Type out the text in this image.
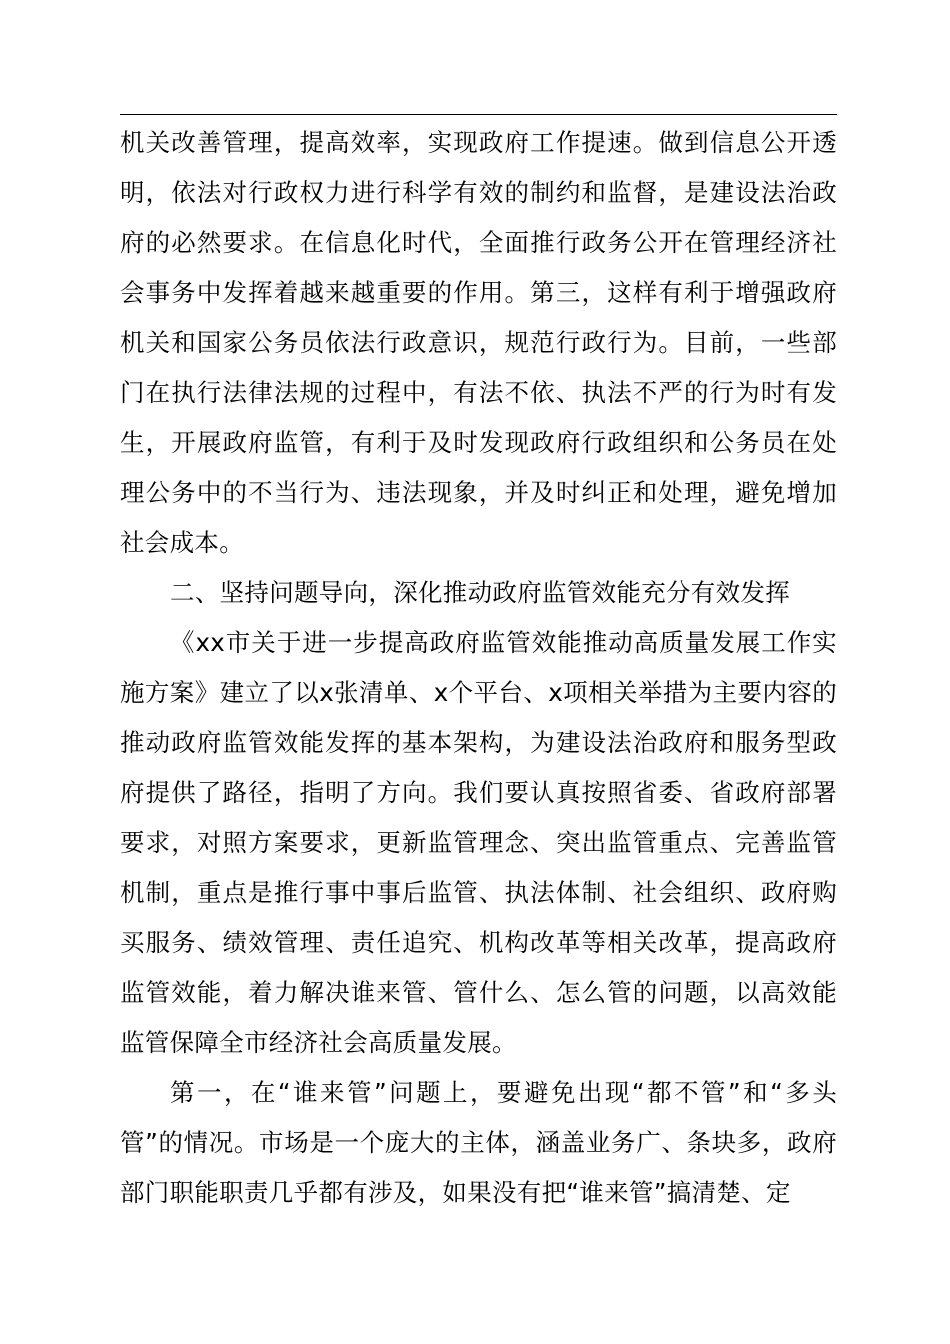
机关改善管理，提高效率，实现政府工作提速。做到信息公开透明，依法对行政权力进行科学有效的制约和监督，是建设法治政府的必然要求。在信息化时代，全面推行政务公开在管理经济社会事务中发挥着越来越重要的作用。第三，这样有利于增强政府机关和国家公务员依法行政意识，规范行政行为。目前，一些部门在执行法律法规的过程中，有法不依、执法不严的行为时有发生，开展政府监管，有利于及时发现政府行政组织和公务员在处理公务中的不当行为、违法现象，并及时纠正和处理，避免增加社会成本。

二、坚持问题导向，深化推动政府监管效能充分有效发挥

《xx市关于进一步提高政府监管效能推动高质量发展工作实施方案》建立了以x张清单、x个平台、x项相关举措为主要内容的推动政府监管效能发挥的基本架构，为建设法治政府和服务型政府提供了路径，指明了方向。我们要认真按照省委、省政府部署要求，对照方案要求，更新监管理念、突出监管重点、完善监管机制，重点是推行事中事后监管、执法体制、社会组织、政府购买服务、绩效管理、责任追究、机构改革等相关改革，提高政府监管效能，着力解决谁来管、管什么、怎么管的问题，以高效能监管保障全市经济社会高质量发展。

第一，在“谁来管”问题上，要避免出现“都不管”和“多头管”的情况。市场是一个庞大的主体，涵盖业务广、条块多，政府部门职能职责几乎都有涉及，如果没有把“谁来管”搞清楚、定
